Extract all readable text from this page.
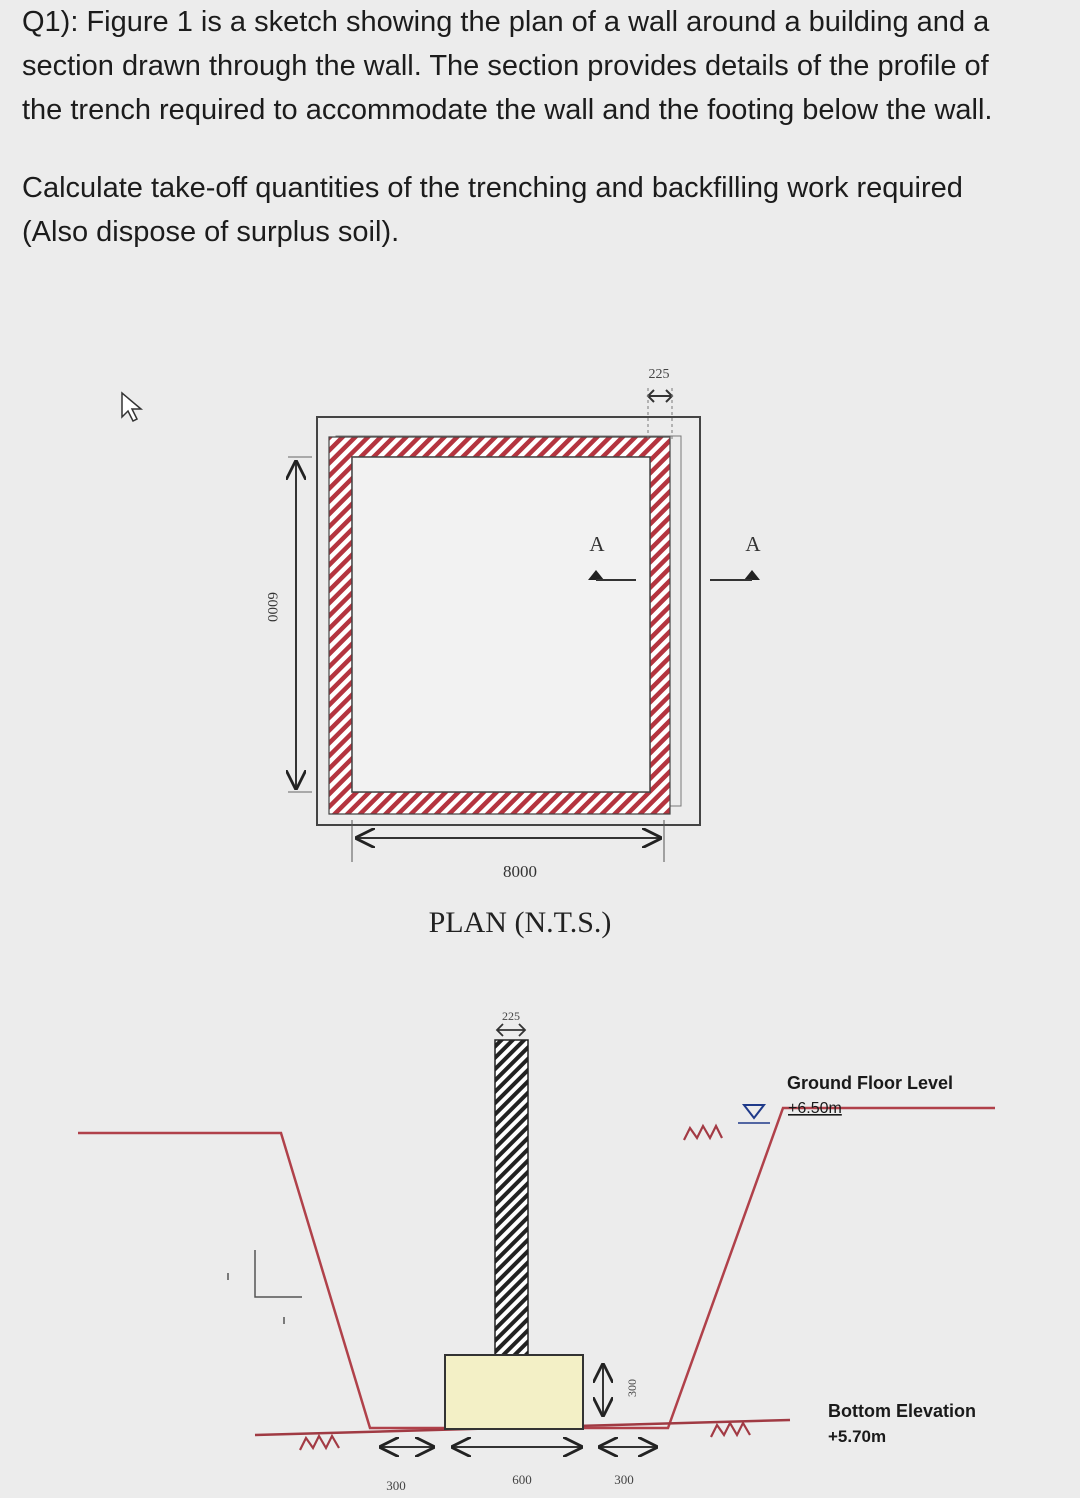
Q1): Figure 1 is a sketch showing the plan of a wall around a building and a section drawn through the wall. The section provides details of the profile of the trench required to accommodate the wall and the footing below the wall.

Calculate take-off quantities of the trenching and backfilling work required (Also dispose of surplus soil).

6000
8000
225
A	A
PLAN (N.T.S.)
Ground Floor Level
+6.50m
Bottom Elevation
+5.70m
225
300
300	600	300
